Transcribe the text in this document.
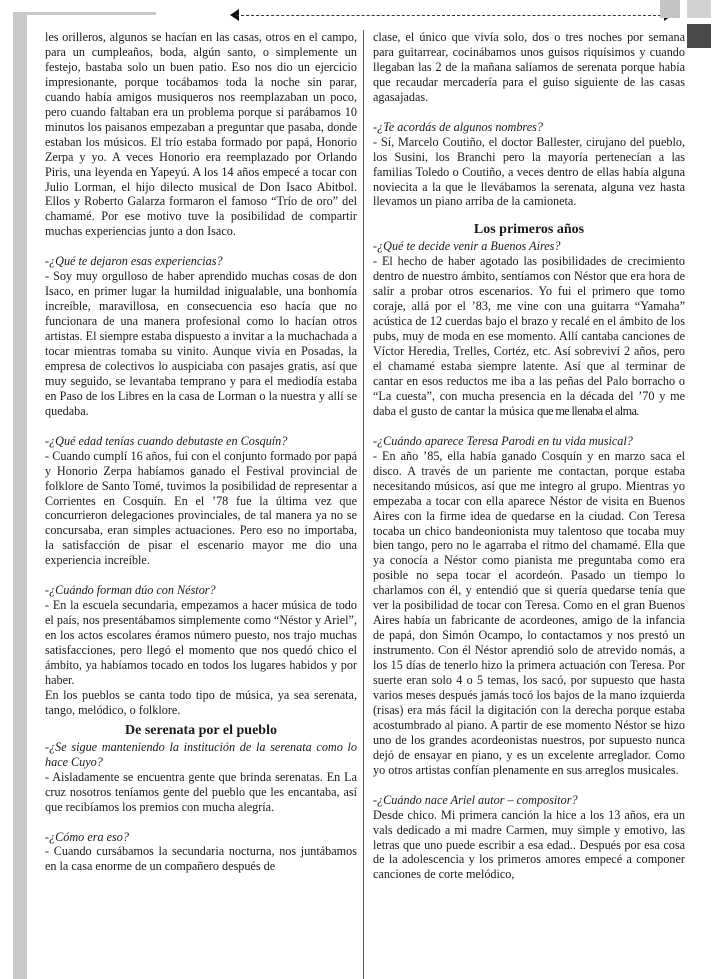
les orilleros, algunos se hacían en las casas, otros en el campo, para un cumpleaños, boda, algún santo, o simplemente un festejo, bastaba solo un buen patio. Eso nos dio un ejercicio impresionante, porque tocábamos toda la noche sin parar, cuando había amigos musiqueros nos reemplazaban un poco, pero cuando faltaban era un problema porque si parábamos 10 minutos los paisanos empezaban a preguntar que pasaba, donde estaban los músicos. El trío estaba formado por papá, Honorio Zerpa y yo. A veces Honorio era reemplazado por Orlando Piris, una leyenda en Yapeyú. A los 14 años empecé a tocar con Julio Lorman, el hijo dilecto musical de Don Isaco Abitbol. Ellos y Roberto Galarza formaron el famoso “Trío de oro” del chamamé. Por ese motivo tuve la posibilidad de compartir muchas experiencias junto a don Isaco.

-¿Qué te dejaron esas experiencias?

- Soy muy orgulloso de haber aprendido muchas cosas de don Isaco, en primer lugar la humildad inigualable, una bonhomía increíble, maravillosa, en consecuencia eso hacía que no funcionara de una manera profesional como lo hacían otros artistas. El siempre estaba dispuesto a invitar a la muchachada a tocar mientras tomaba su vinito. Aunque vivía en Posadas, la empresa de colectivos lo auspiciaba con pasajes gratis, así que muy seguido, se levantaba temprano y para el mediodía estaba en Paso de los Libres en la casa de Lorman o la nuestra y allí se quedaba.

-¿Qué edad tenías cuando debutaste en Cosquín?

- Cuando cumplí 16 años, fui con el conjunto formado por papá y Honorio Zerpa habíamos ganado el Festival provincial de folklore de Santo Tomé, tuvimos la posibilidad de representar a Corrientes en Cosquín. En el ’78 fue la última vez que concurrieron delegaciones provinciales, de tal manera ya no se concursaba, eran simples actuaciones. Pero eso no importaba, la satisfacción de pisar el escenario mayor me dio una experiencia increíble.

-¿Cuándo forman dúo con Néstor?

- En la escuela secundaria, empezamos a hacer música de todo el país, nos presentábamos simplemente como “Néstor y Ariel”, en los actos escolares éramos número puesto, nos trajo muchas satisfacciones, pero llegó el momento que nos quedó chico el ámbito, ya habíamos tocado en todos los lugares habidos y por haber.

En los pueblos se canta todo tipo de música, ya sea serenata, tango, melódico, o folklore.

De serenata por el pueblo

-¿Se sigue manteniendo la institución de la serenata como lo hace Cuyo?

- Aisladamente se encuentra gente que brinda serenatas. En La cruz nosotros teníamos gente del pueblo que les encantaba, así que recibíamos los premios con mucha alegría.

-¿Cómo era eso?

- Cuando cursábamos la secundaria nocturna, nos juntábamos en la casa enorme de un compañero después de

clase, el único que vivía solo, dos o tres noches por semana para guitarrear, cocinábamos unos guisos riquísimos y cuando llegaban las 2 de la mañana salíamos de serenata porque había que recaudar mercadería para el guiso siguiente de las casas agasajadas.

-¿Te acordás de algunos nombres?

- Sí, Marcelo Coutiño, el doctor Ballester, cirujano del pueblo, los Susini, los Branchi pero la mayoría pertenecían a las familias Toledo o Coutiño, a veces dentro de ellas había alguna noviecita a la que le llevábamos la serenata, alguna vez hasta llevamos un piano arriba de la camioneta.

Los primeros años

-¿Qué te decide venir a Buenos Aires?

- El hecho de haber agotado las posibilidades de crecimiento dentro de nuestro ámbito, sentíamos con Néstor que era hora de salir a probar otros escenarios. Yo fui el primero que tomo coraje, allá por el ’83, me vine con una guitarra “Yamaha” acústica de 12 cuerdas bajo el brazo y recalé en el ámbito de los pubs, muy de moda en ese momento. Allí cantaba canciones de Víctor Heredia, Trelles, Cortéz, etc. Así sobreviví 2 años, pero el chamamé estaba siempre latente. Así que al terminar de cantar en esos reductos me iba a las peñas del Palo borracho o “La cuesta”, con mucha presencia en la década del ’70 y me daba el gusto de cantar la música que me llenaba el alma.

-¿Cuándo aparece Teresa Parodi en tu vida musical?

- En año ’85, ella había ganado Cosquín y en marzo saca el disco. A través de un pariente me contactan, porque estaba necesitando músicos, así que me integro al grupo. Mientras yo empezaba a tocar con ella aparece Néstor de visita en Buenos Aires con la firme idea de quedarse en la ciudad. Con Teresa tocaba un chico bandeonionista muy talentoso que tocaba muy bien tango, pero no le agarraba el ritmo del chamamé. Ella que ya conocía a Néstor como pianista me preguntaba como era posible no sepa tocar el acordeón. Pasado un tiempo lo charlamos con él, y entendió que si quería quedarse tenía que ver la posibilidad de tocar con Teresa. Como en el gran Buenos Aires había un fabricante de acordeones, amigo de la infancia de papá, don Simón Ocampo, lo contactamos y nos prestó un instrumento. Con él Néstor aprendió solo de atrevido nomás, a los 15 días de tenerlo hizo la primera actuación con Teresa. Por suerte eran solo 4 o 5 temas, los sacó, por supuesto que hasta varios meses después jamás tocó los bajos de la mano izquierda (risas) era más fácil la digitación con la derecha porque estaba acostumbrado al piano. A partir de ese momento Néstor se hizo uno de los grandes acordeonistas nuestros, por supuesto nunca dejó de ensayar en piano, y es un excelente arreglador. Como yo otros artistas confían plenamente en sus arreglos musicales.

-¿Cuándo nace Ariel autor – compositor?

Desde chico. Mi primera canción la hice a los 13 años, era un vals dedicado a mi madre Carmen, muy simple y emotivo, las letras que uno puede escribir a esa edad.. Después por esa cosa de la adolescencia y los primeros amores empecé a componer canciones de corte melódico,
